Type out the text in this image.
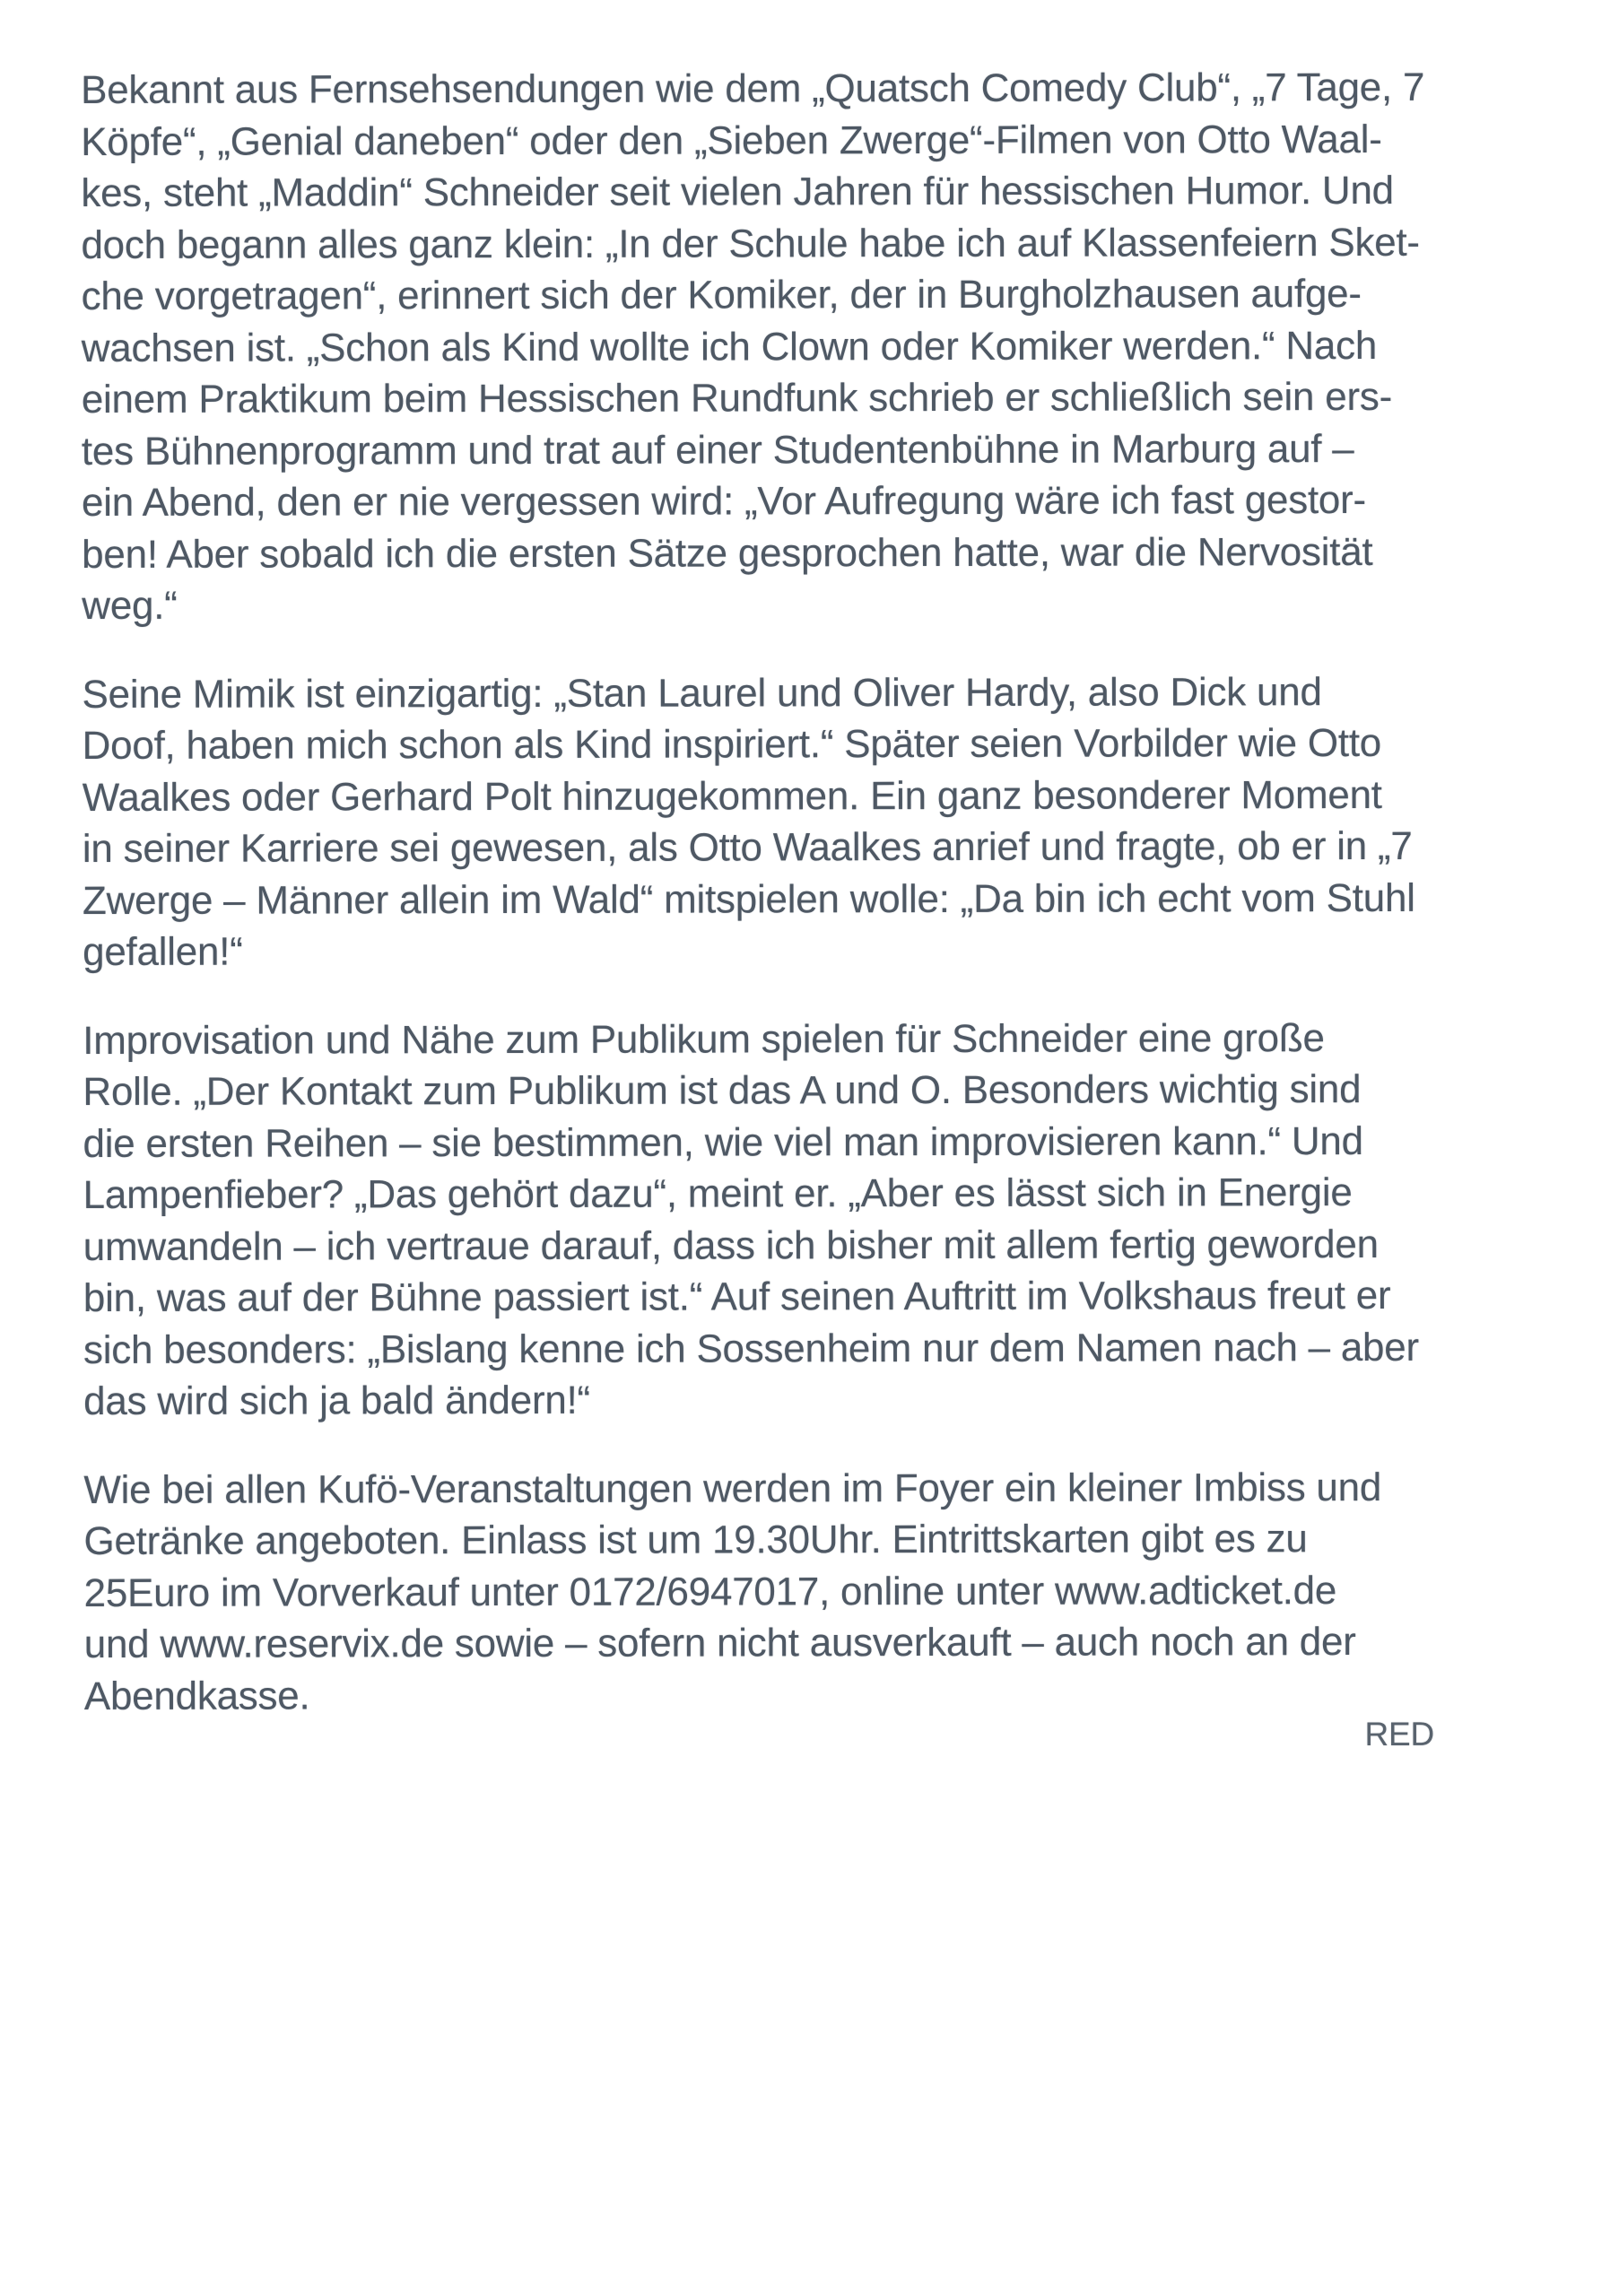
Bekannt aus Fernsehsendungen wie dem „Quatsch Comedy Club“, „7 Tage, 7
Köpfe“, „Genial daneben“ oder den „Sieben Zwerge“-Filmen von Otto Waal-
kes, steht „Maddin“ Schneider seit vielen Jahren für hessischen Humor. Und
doch begann alles ganz klein: „In der Schule habe ich auf Klassenfeiern Sket-
che vorgetragen“, erinnert sich der Komiker, der in Burgholzhausen aufge-
wachsen ist. „Schon als Kind wollte ich Clown oder Komiker werden.“ Nach
einem Praktikum beim Hessischen Rundfunk schrieb er schließlich sein ers-
tes Bühnenprogramm und trat auf einer Studentenbühne in Marburg auf –
ein Abend, den er nie vergessen wird: „Vor Aufregung wäre ich fast gestor-
ben! Aber sobald ich die ersten Sätze gesprochen hatte, war die Nervosität
weg.“

Seine Mimik ist einzigartig: „Stan Laurel und Oliver Hardy, also Dick und
Doof, haben mich schon als Kind inspiriert.“ Später seien Vorbilder wie Otto
Waalkes oder Gerhard Polt hinzugekommen. Ein ganz besonderer Moment
in seiner Karriere sei gewesen, als Otto Waalkes anrief und fragte, ob er in „7
Zwerge – Männer allein im Wald“ mitspielen wolle: „Da bin ich echt vom Stuhl
gefallen!“

Improvisation und Nähe zum Publikum spielen für Schneider eine große
Rolle. „Der Kontakt zum Publikum ist das A und O. Besonders wichtig sind
die ersten Reihen – sie bestimmen, wie viel man improvisieren kann.“ Und
Lampenfieber? „Das gehört dazu“, meint er. „Aber es lässt sich in Energie
umwandeln – ich vertraue darauf, dass ich bisher mit allem fertig geworden
bin, was auf der Bühne passiert ist.“ Auf seinen Auftritt im Volkshaus freut er
sich besonders: „Bislang kenne ich Sossenheim nur dem Namen nach – aber
das wird sich ja bald ändern!“

Wie bei allen Kufö-Veranstaltungen werden im Foyer ein kleiner Imbiss und
Getränke angeboten. Einlass ist um 19.30Uhr. Eintrittskarten gibt es zu
25Euro im Vorverkauf unter 0172/6947017, online unter www.adticket.de
und www.reservix.de sowie – sofern nicht ausverkauft – auch noch an der
Abendkasse.

RED
